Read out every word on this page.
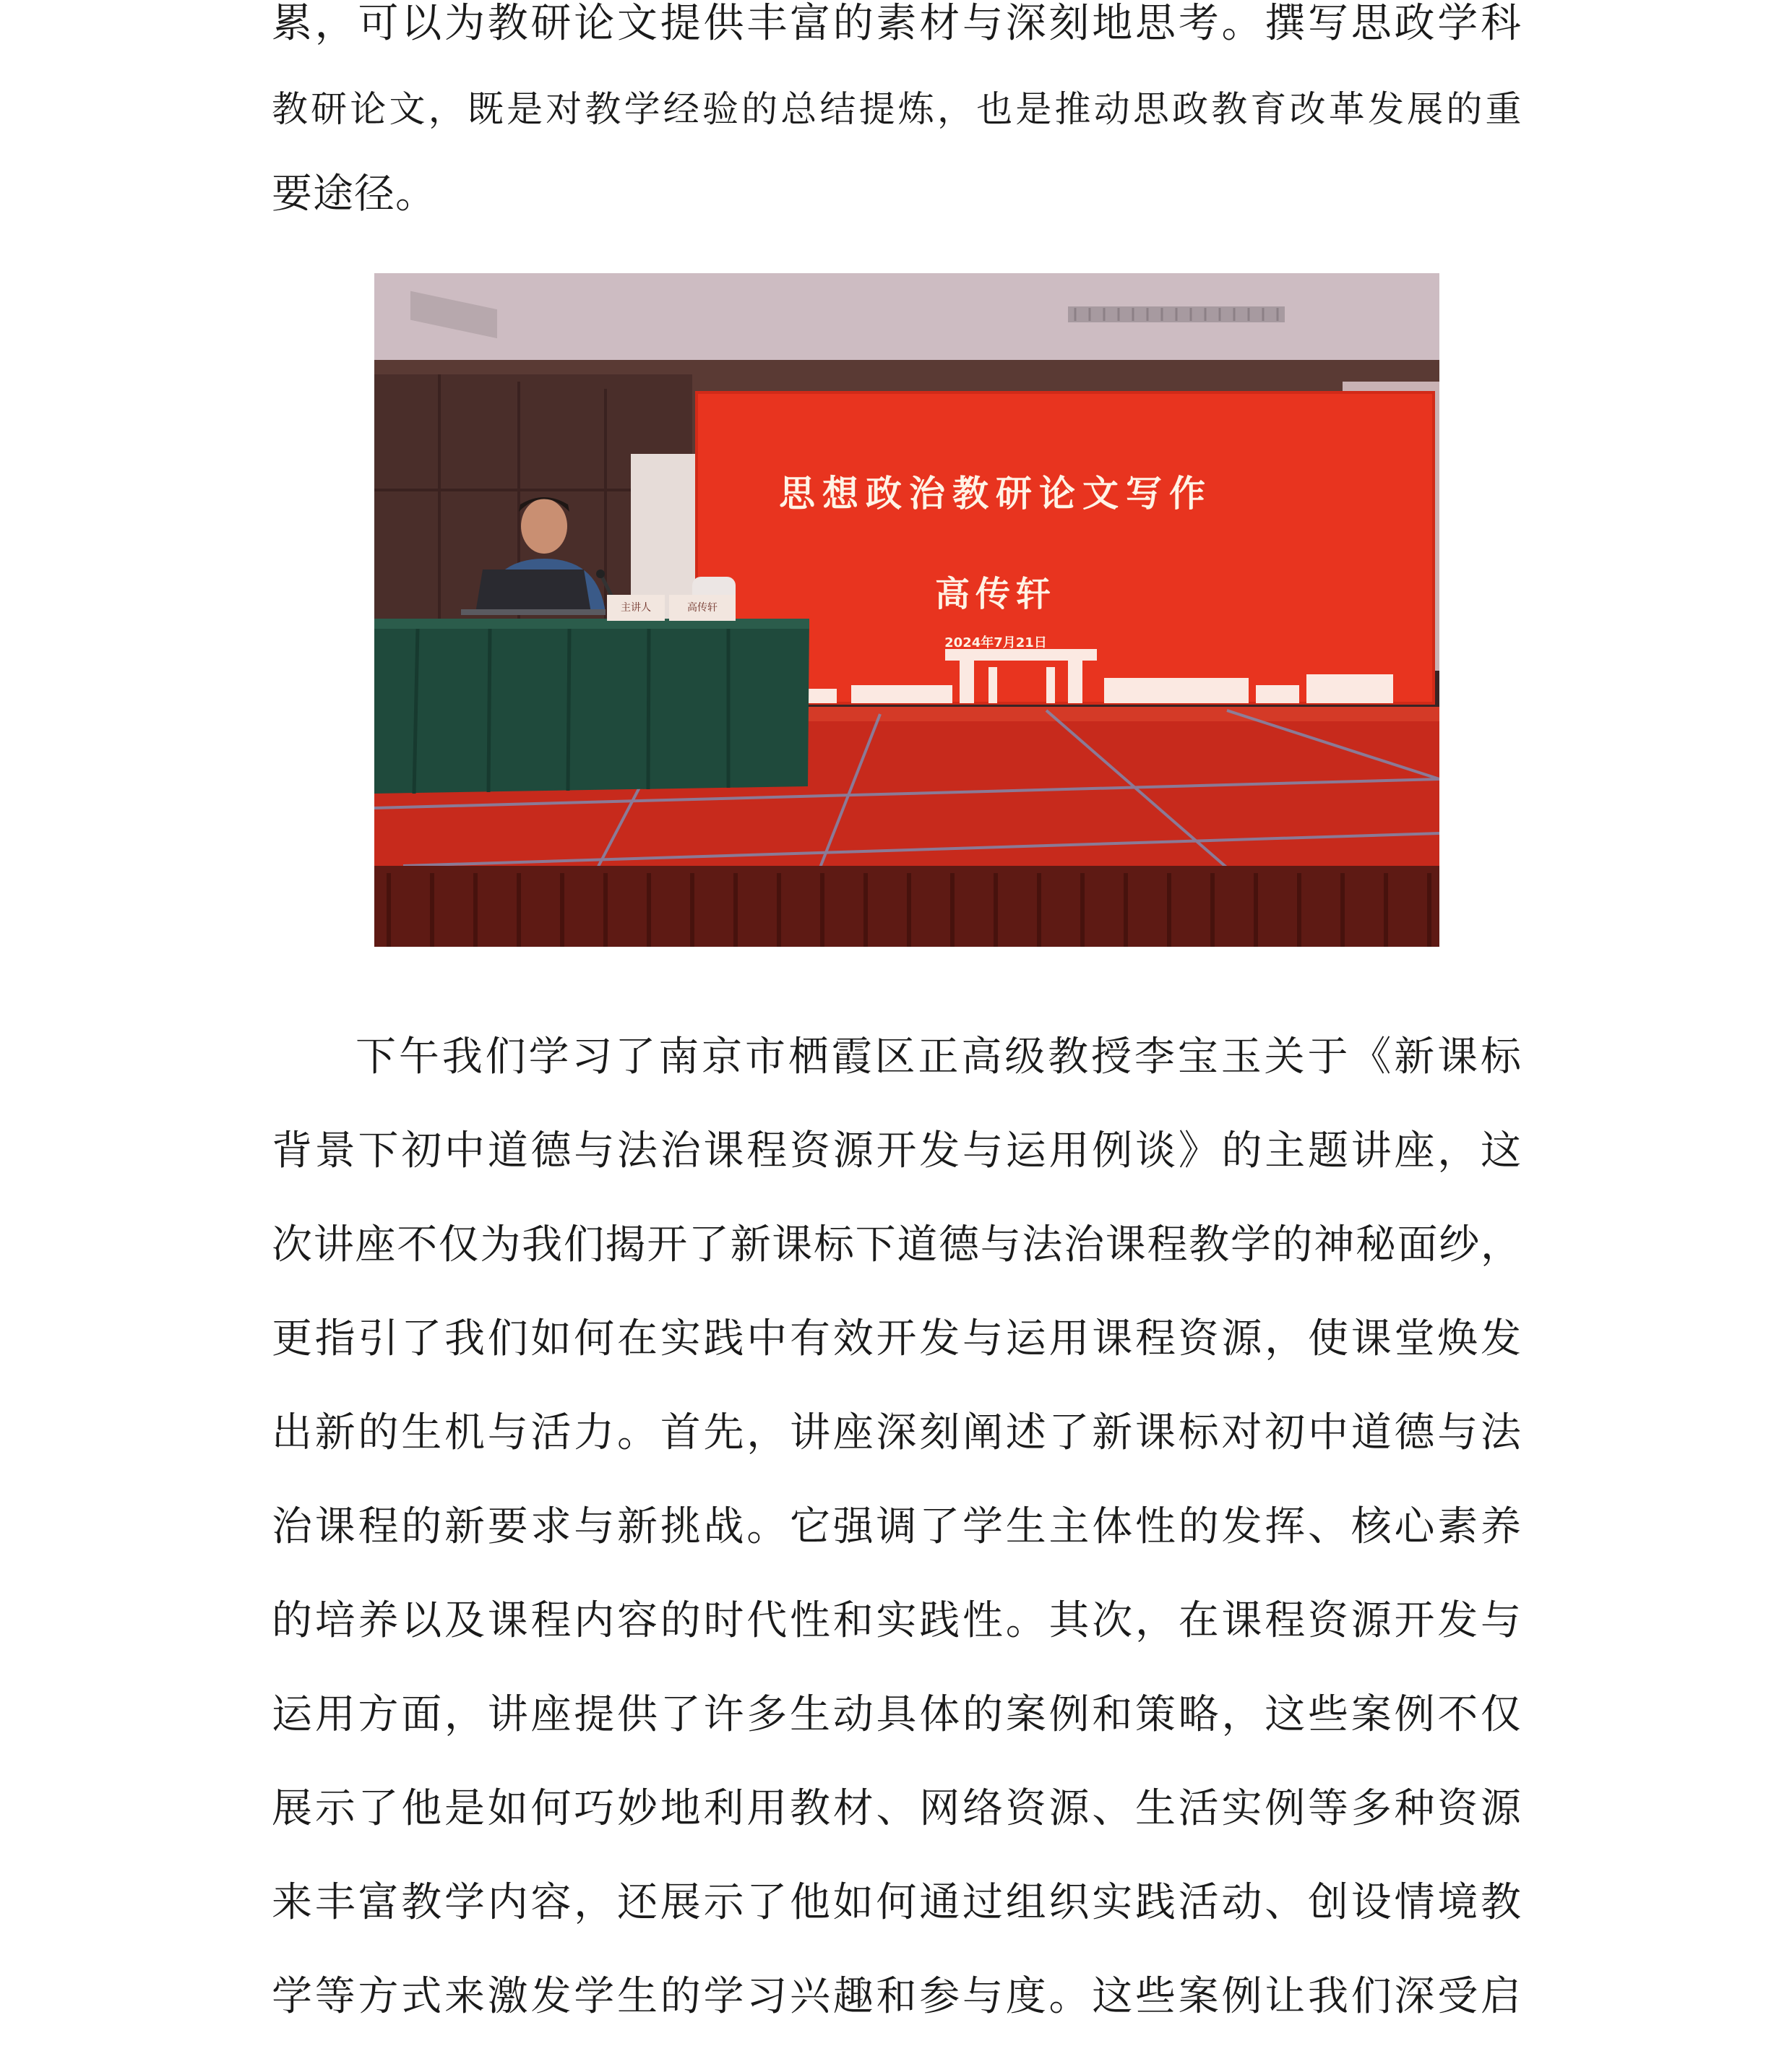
累，可以为教研论文提供丰富的素材与深刻地思考。撰写思政学科
教研论文，既是对教学经验的总结提炼，也是推动思政教育改革发展的重
要途径。
思想政治教研论文写作
高传轩
2024年7月21日
主讲人	高传轩
下午我们学习了南京市栖霞区正高级教授李宝玉关于《新课标
背景下初中道德与法治课程资源开发与运用例谈》的主题讲座，这
次讲座不仅为我们揭开了新课标下道德与法治课程教学的神秘面纱，
更指引了我们如何在实践中有效开发与运用课程资源，使课堂焕发
出新的生机与活力。首先，讲座深刻阐述了新课标对初中道德与法
治课程的新要求与新挑战。它强调了学生主体性的发挥、核心素养
的培养以及课程内容的时代性和实践性。其次，在课程资源开发与
运用方面，讲座提供了许多生动具体的案例和策略，这些案例不仅
展示了他是如何巧妙地利用教材、网络资源、生活实例等多种资源
来丰富教学内容，还展示了他如何通过组织实践活动、创设情境教
学等方式来激发学生的学习兴趣和参与度。这些案例让我们深受启
